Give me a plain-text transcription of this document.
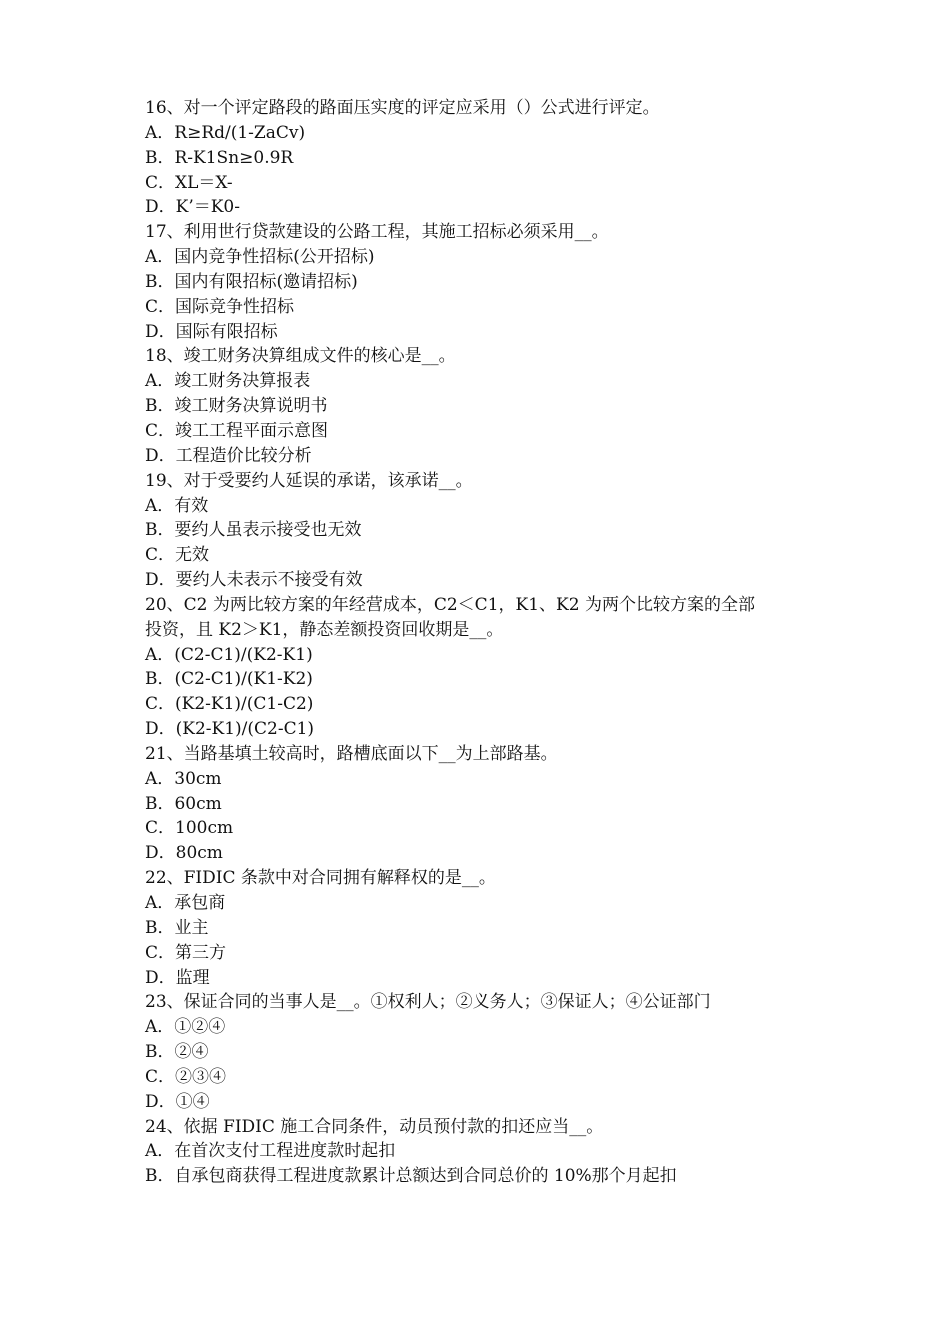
16、对一个评定路段的路面压实度的评定应采用（）公式进行评定。
A．R≥Rd/(1-ZaCv)
B．R-K1Sn≥0.9R
C．XL＝X-
D．K’＝K0-
17、利用世行贷款建设的公路工程，其施工招标必须采用__。
A．国内竞争性招标(公开招标)
B．国内有限招标(邀请招标)
C．国际竞争性招标
D．国际有限招标
18、竣工财务决算组成文件的核心是__。
A．竣工财务决算报表
B．竣工财务决算说明书
C．竣工工程平面示意图
D．工程造价比较分析
19、对于受要约人延误的承诺，该承诺__。
A．有效
B．要约人虽表示接受也无效
C．无效
D．要约人未表示不接受有效
20、C2 为两比较方案的年经营成本，C2＜C1，K1、K2 为两个比较方案的全部
投资，且 K2＞K1，静态差额投资回收期是__。
A．(C2-C1)/(K2-K1)
B．(C2-C1)/(K1-K2)
C．(K2-K1)/(C1-C2)
D．(K2-K1)/(C2-C1)
21、当路基填土较高时，路槽底面以下__为上部路基。
A．30cm
B．60cm
C．100cm
D．80cm
22、FIDIC 条款中对合同拥有解释权的是__。
A．承包商
B．业主
C．第三方
D．监理
23、保证合同的当事人是__。①权利人；②义务人；③保证人；④公证部门
A．①②④
B．②④
C．②③④
D．①④
24、依据 FIDIC 施工合同条件，动员预付款的扣还应当__。
A．在首次支付工程进度款时起扣
B．自承包商获得工程进度款累计总额达到合同总价的 10%那个月起扣
